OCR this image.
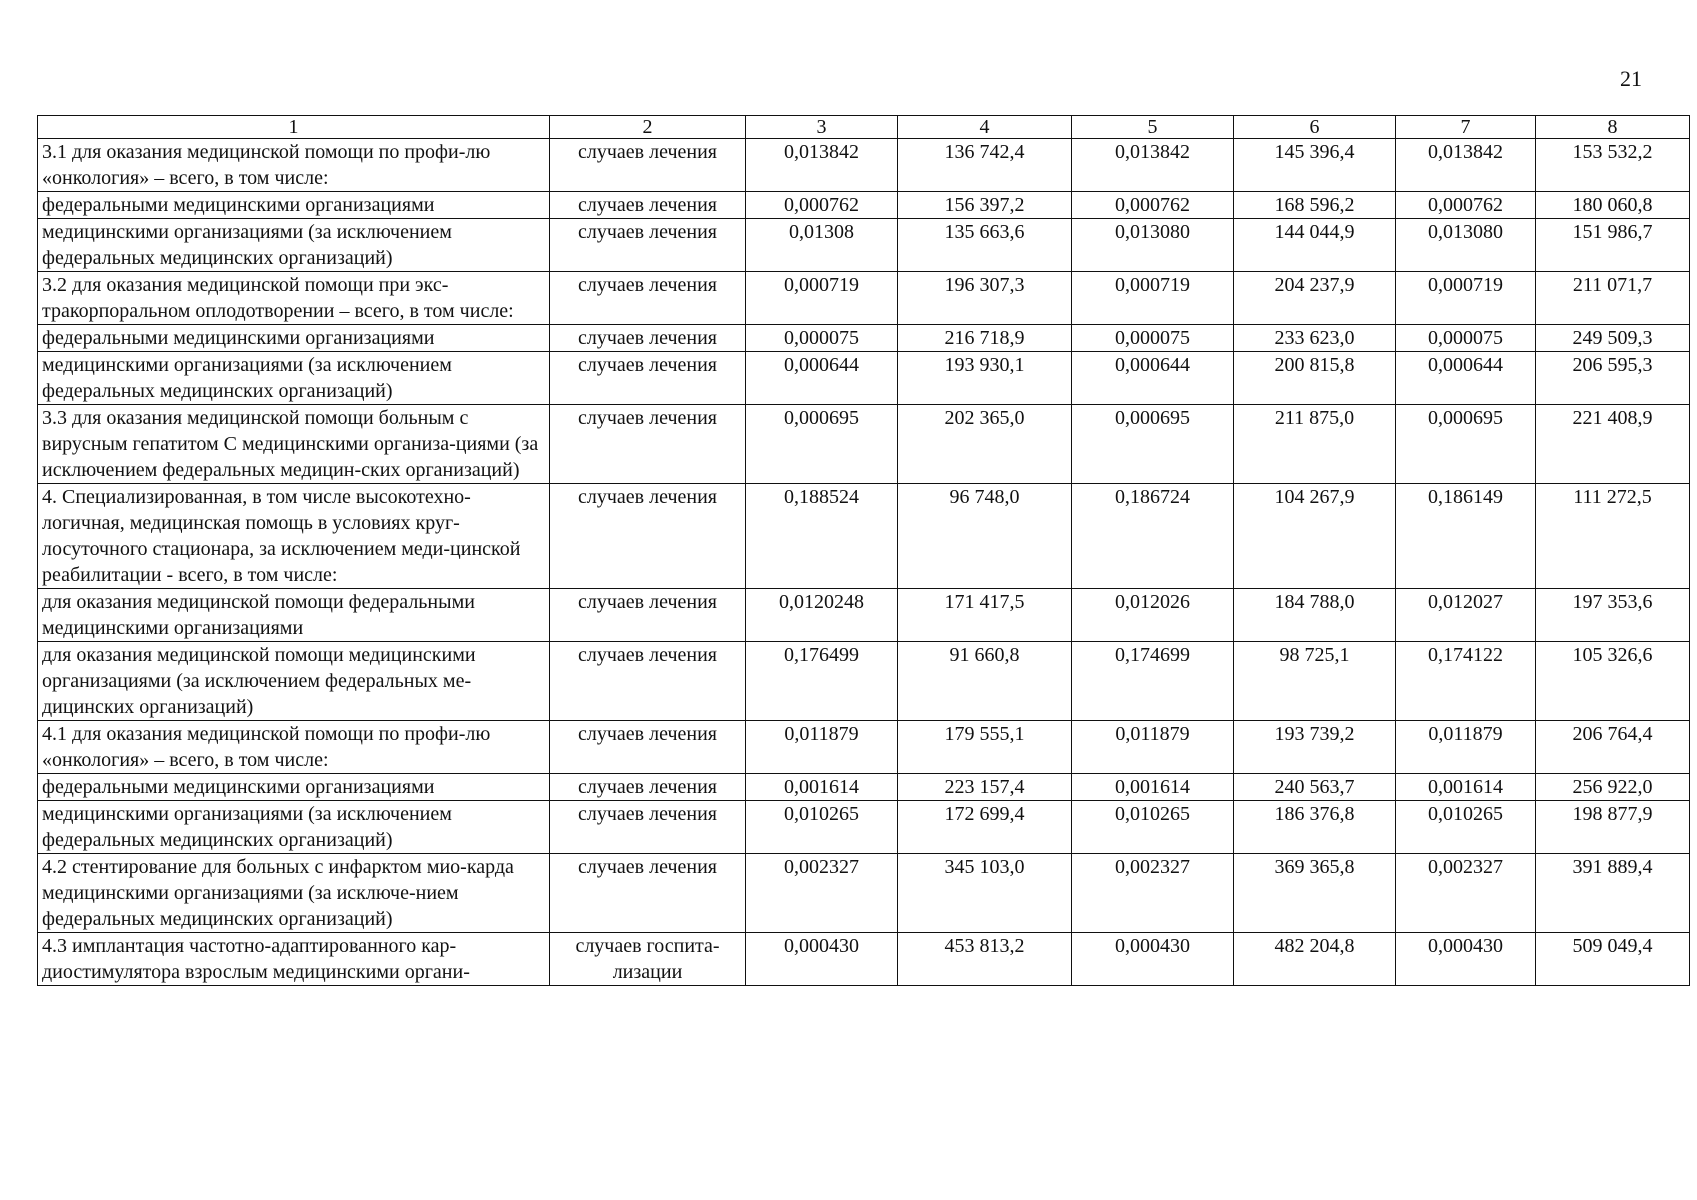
21
1	2	3	4	5	6	7	8
3.1 для оказания медицинской помощи по профи-лю «онкология» – всего, в том числе:	случаев лечения	0,013842	136 742,4	0,013842	145 396,4	0,013842	153 532,2
федеральными медицинскими организациями	случаев лечения	0,000762	156 397,2	0,000762	168 596,2	0,000762	180 060,8
медицинскими организациями (за исключением федеральных медицинских организаций)	случаев лечения	0,01308	135 663,6	0,013080	144 044,9	0,013080	151 986,7
3.2 для оказания медицинской помощи при экс-тракорпоральном оплодотворении – всего, в том числе:	случаев лечения	0,000719	196 307,3	0,000719	204 237,9	0,000719	211 071,7
федеральными медицинскими организациями	случаев лечения	0,000075	216 718,9	0,000075	233 623,0	0,000075	249 509,3
медицинскими организациями (за исключением федеральных медицинских организаций)	случаев лечения	0,000644	193 930,1	0,000644	200 815,8	0,000644	206 595,3
3.3 для оказания медицинской помощи больным с вирусным гепатитом С медицинскими организа-циями (за исключением федеральных медицин-ских организаций)	случаев лечения	0,000695	202 365,0	0,000695	211 875,0	0,000695	221 408,9
4. Специализированная, в том числе высокотехно-логичная, медицинская помощь в условиях круг-лосуточного стационара, за исключением меди-цинской реабилитации - всего, в том числе:	случаев лечения	0,188524	96 748,0	0,186724	104 267,9	0,186149	111 272,5
для оказания медицинской помощи федеральными медицинскими организациями	случаев лечения	0,0120248	171 417,5	0,012026	184 788,0	0,012027	197 353,6
для оказания медицинской помощи медицинскими организациями (за исключением федеральных ме-дицинских организаций)	случаев лечения	0,176499	91 660,8	0,174699	98 725,1	0,174122	105 326,6
4.1 для оказания медицинской помощи по профи-лю «онкология» – всего, в том числе:	случаев лечения	0,011879	179 555,1	0,011879	193 739,2	0,011879	206 764,4
федеральными медицинскими организациями	случаев лечения	0,001614	223 157,4	0,001614	240 563,7	0,001614	256 922,0
медицинскими организациями (за исключением федеральных медицинских организаций)	случаев лечения	0,010265	172 699,4	0,010265	186 376,8	0,010265	198 877,9
4.2 стентирование для больных с инфарктом мио-карда медицинскими организациями (за исключе-нием федеральных медицинских организаций)	случаев лечения	0,002327	345 103,0	0,002327	369 365,8	0,002327	391 889,4
4.3 имплантация частотно-адаптированного кар-диостимулятора взрослым медицинскими органи-	случаев госпита-лизации	0,000430	453 813,2	0,000430	482 204,8	0,000430	509 049,4
